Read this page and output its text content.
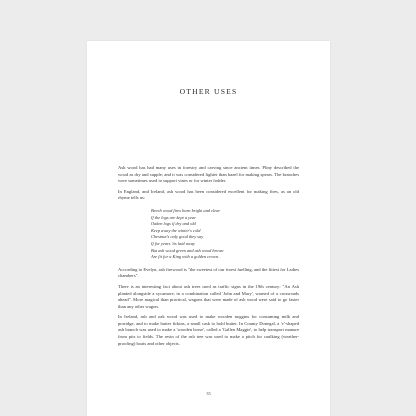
OTHER USES

Ash wood has had many uses in forestry and carving since ancient times. Pliny described the wood as dry and supple; and it was considered lighter than hazel for making spears. The branches were sometimes used to support vines or for winter fodder.

In England, and Ireland, ash wood has been considered excellent for making fires, as an old rhyme tells us:

Beech wood fires burn bright and clear
If the logs are kept a year
Oaken logs if dry and old
Keep away the winter's cold
Chestnut's only good they say
If for years 'tis laid away
But ash wood green and ash wood brown
Are fit for a King with a golden crown.

According to Evelyn, ash firewood is "the sweetest of our forest fuelling, and the fittest for Ladies chambers".

There is an interesting fact about ash trees used as traffic signs in the 19th century: "An Ash planted alongside a sycamore, in a combination called 'John and Mary', warned of a crossroads ahead". More magical than practical, wagons that were made of ash wood were said to go faster than any other wagon.

In Ireland, ash and oak wood was used to make wooden noggins for consuming milk and porridge, and to make butter firkins, a small cask to hold butter. In County Donegal, a 'v'-shaped ash branch was used to make a 'wooden horse', called a 'Gallen Maggie', to help transport manure from pits to fields. The resin of the ash tree was used to make a pitch for caulking (weather-proofing) boats and other objects.

35
